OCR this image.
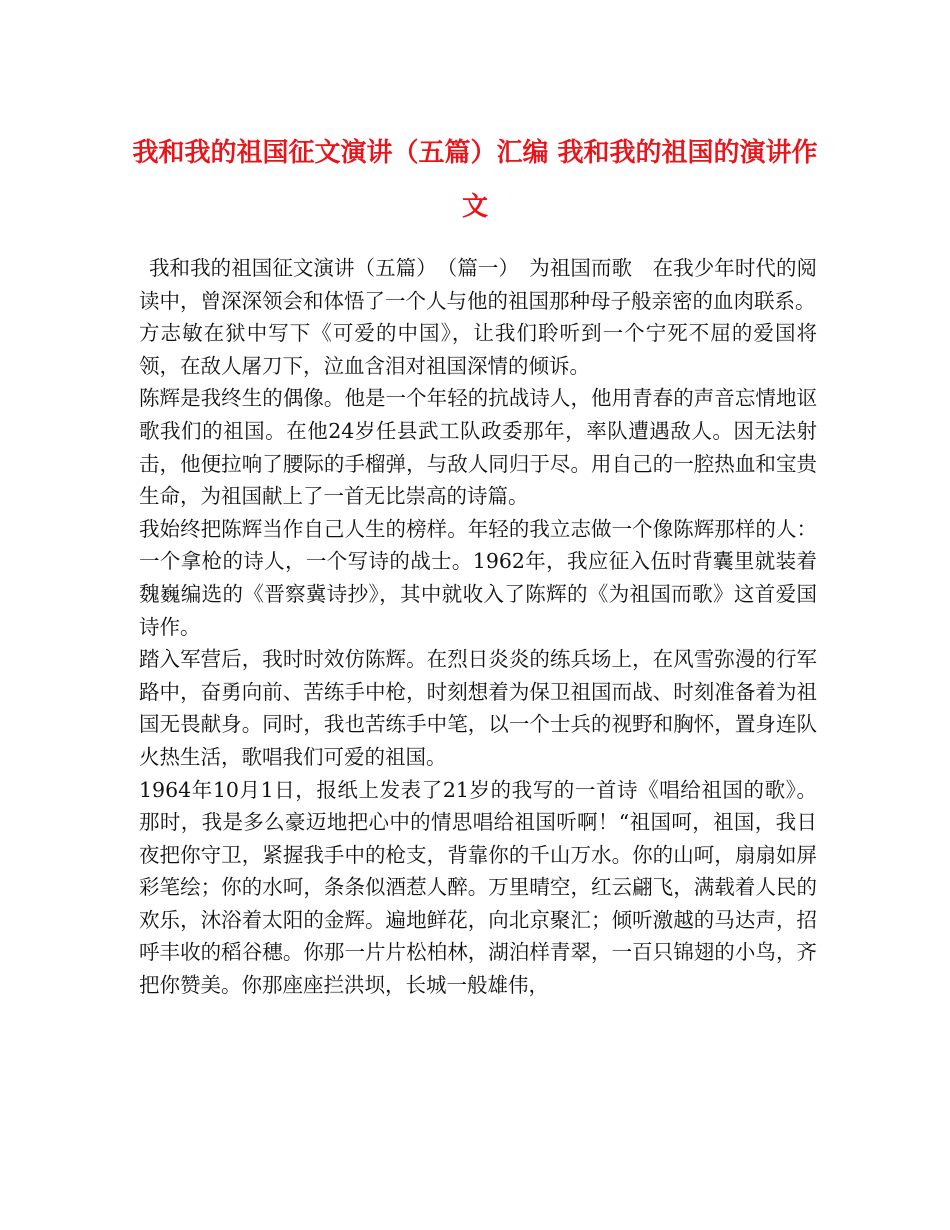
我和我的祖国征文演讲（五篇）汇编 我和我的祖国的演讲作文

我和我的祖国征文演讲（五篇）　（篇一）　为祖国而歌　在我少年时代的阅读中，曾深深领会和体悟了一个人与他的祖国那种母子般亲密的血肉联系。

方志敏在狱中写下《可爱的中国》，让我们聆听到一个宁死不屈的爱国将领，在敌人屠刀下，泣血含泪对祖国深情的倾诉。

陈辉是我终生的偶像。他是一个年轻的抗战诗人，他用青春的声音忘情地讴歌我们的祖国。在他24岁任县武工队政委那年，率队遭遇敌人。因无法射击，他便拉响了腰际的手榴弹，与敌人同归于尽。用自己的一腔热血和宝贵生命，为祖国献上了一首无比崇高的诗篇。

我始终把陈辉当作自己人生的榜样。年轻的我立志做一个像陈辉那样的人：一个拿枪的诗人，一个写诗的战士。1962年，我应征入伍时背囊里就装着魏巍编选的《晋察冀诗抄》，其中就收入了陈辉的《为祖国而歌》这首爱国诗作。

踏入军营后，我时时效仿陈辉。在烈日炎炎的练兵场上，在风雪弥漫的行军路中，奋勇向前、苦练手中枪，时刻想着为保卫祖国而战、时刻准备着为祖国无畏献身。同时，我也苦练手中笔，以一个士兵的视野和胸怀，置身连队火热生活，歌唱我们可爱的祖国。

1964年10月1日，报纸上发表了21岁的我写的一首诗《唱给祖国的歌》。那时，我是多么豪迈地把心中的情思唱给祖国听啊！“祖国呵，祖国，我日夜把你守卫，紧握我手中的枪支，背靠你的千山万水。你的山呵，扇扇如屏彩笔绘；你的水呵，条条似酒惹人醉。万里晴空，红云翩飞，满载着人民的欢乐，沐浴着太阳的金辉。遍地鲜花，向北京聚汇；倾听激越的马达声，招呼丰收的稻谷穗。你那一片片松柏林，湖泊样青翠，一百只锦翅的小鸟，齐把你赞美。你那座座拦洪坝，长城一般雄伟，
